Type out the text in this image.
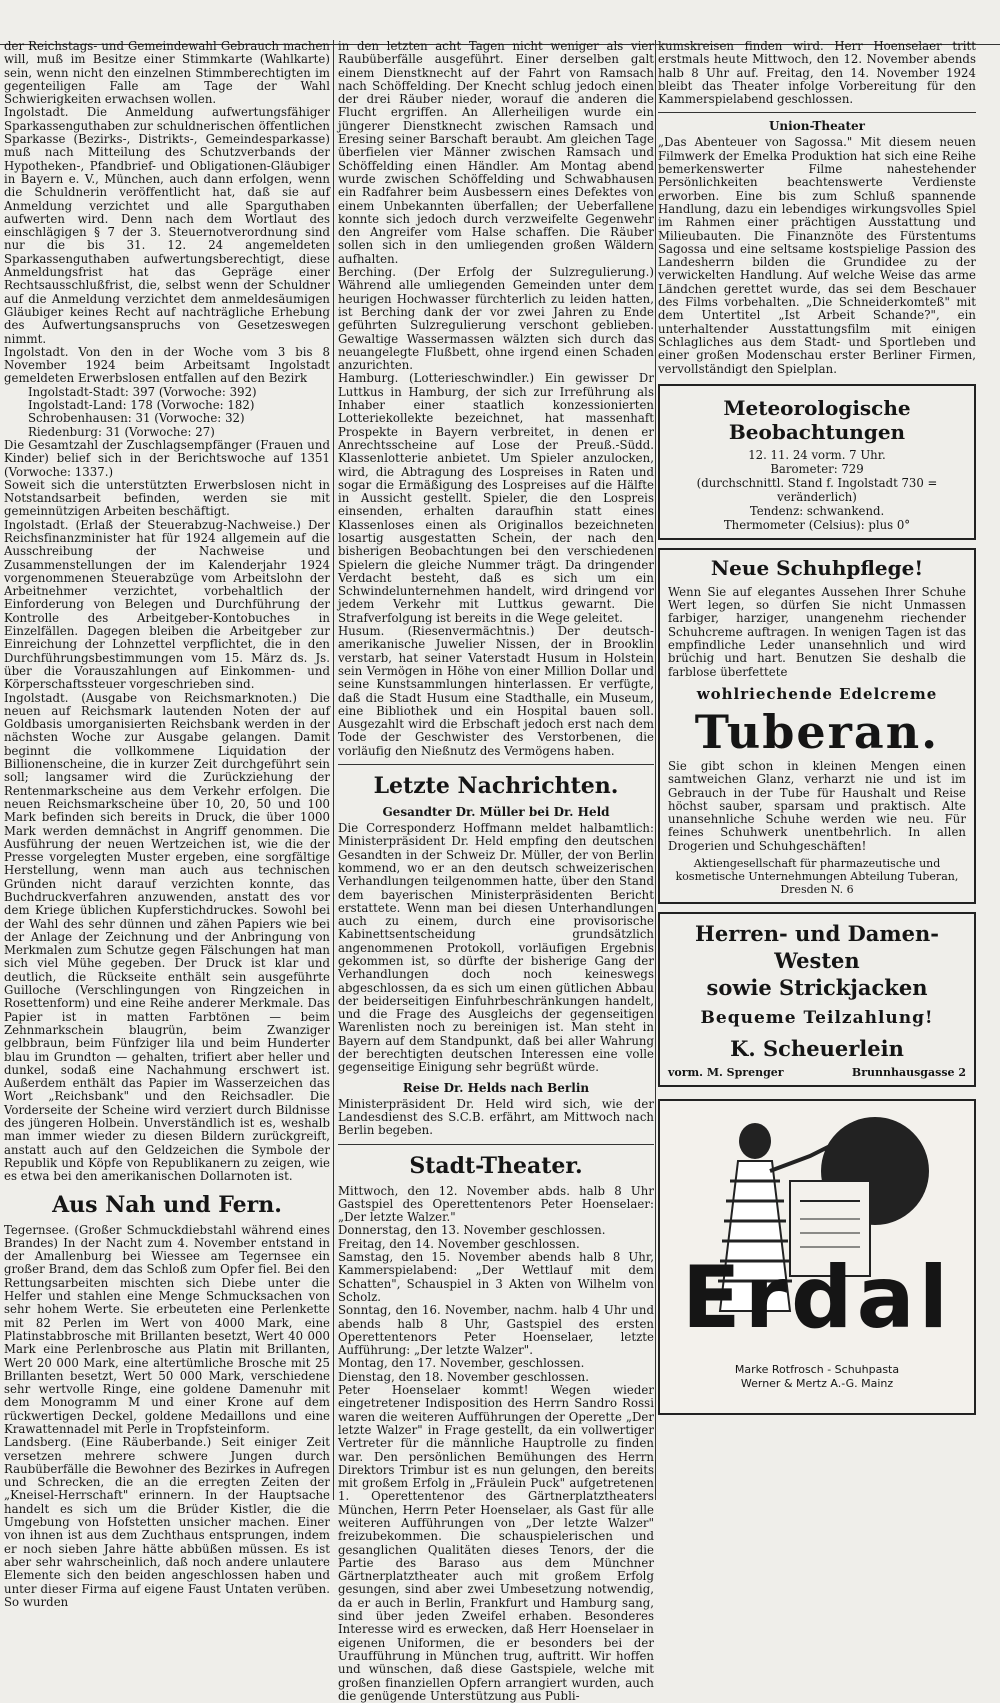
der Reichstags- und Gemeindewahl Gebrauch machen will, muß im Besitze einer Stimmkarte (Wahlkarte) sein, wenn nicht den einzelnen Stimmberechtigten im gegenteiligen Falle am Tage der Wahl Schwierigkeiten erwachsen wollen.

Ingolstadt. Die Anmeldung aufwertungsfähiger Sparkassenguthaben zur schuldnerischen öffentlichen Sparkasse (Bezirks-, Distrikts-, Gemeindesparkasse) muß nach Mitteilung des Schutzverbands der Hypotheken-, Pfandbrief- und Obligationen-Gläubiger in Bayern e. V., München, auch dann erfolgen, wenn die Schuldnerin veröffentlicht hat, daß sie auf Anmeldung verzichtet und alle Sparguthaben aufwerten wird. Denn nach dem Wortlaut des einschlägigen § 7 der 3. Steuernotverordnung sind nur die bis 31. 12. 24 angemeldeten Sparkassenguthaben aufwertungsberechtigt, diese Anmeldungsfrist hat das Gepräge einer Rechtsausschlußfrist, die, selbst wenn der Schuldner auf die Anmeldung verzichtet dem anmeldesäumigen Gläubiger keines Recht auf nachträgliche Erhebung des Aufwertungsanspruchs von Gesetzeswegen nimmt.

Ingolstadt. Von den in der Woche vom 3 bis 8 November 1924 beim Arbeitsamt Ingolstadt gemeldeten Erwerbslosen entfallen auf den Bezirk

Ingolstadt-Stadt: 397 (Vorwoche: 392)

Ingolstadt-Land: 178 (Vorwoche: 182)

Schrobenhausen: 31 (Vorwoche: 32)

Riedenburg: 31 (Vorwoche: 27)

Die Gesamtzahl der Zuschlagsempfänger (Frauen und Kinder) belief sich in der Berichtswoche auf 1351 (Vorwoche: 1337.)

Soweit sich die unterstützten Erwerbslosen nicht in Notstandsarbeit befinden, werden sie mit gemeinnützigen Arbeiten beschäftigt.

Ingolstadt. (Erlaß der Steuerabzug-Nachweise.) Der Reichsfinanzminister hat für 1924 allgemein auf die Ausschreibung der Nachweise und Zusammenstellungen der im Kalenderjahr 1924 vorgenommenen Steuerabzüge vom Arbeitslohn der Arbeitnehmer verzichtet, vorbehaltlich der Einforderung von Belegen und Durchführung der Kontrolle des Arbeitgeber-Kontobuches in Einzelfällen. Dagegen bleiben die Arbeitgeber zur Einreichung der Lohnzettel verpflichtet, die in den Durchführungsbestimmungen vom 15. März ds. Js. über die Vorauszahlungen auf Einkommen- und Körperschaftssteuer vorgeschrieben sind.

Ingolstadt. (Ausgabe von Reichsmarknoten.) Die neuen auf Reichsmark lautenden Noten der auf Goldbasis umorganisierten Reichsbank werden in der nächsten Woche zur Ausgabe gelangen. Damit beginnt die vollkommene Liquidation der Billionenscheine, die in kurzer Zeit durchgeführt sein soll; langsamer wird die Zurückziehung der Rentenmarkscheine aus dem Verkehr erfolgen. Die neuen Reichsmarkscheine über 10, 20, 50 und 100 Mark befinden sich bereits in Druck, die über 1000 Mark werden demnächst in Angriff genommen. Die Ausführung der neuen Wertzeichen ist, wie die der Presse vorgelegten Muster ergeben, eine sorgfältige Herstellung, wenn man auch aus technischen Gründen nicht darauf verzichten konnte, das Buchdruckverfahren anzuwenden, anstatt des vor dem Kriege üblichen Kupferstichdruckes. Sowohl bei der Wahl des sehr dünnen und zähen Papiers wie bei der Anlage der Zeichnung und der Anbringung von Merkmalen zum Schutze gegen Fälschungen hat man sich viel Mühe gegeben. Der Druck ist klar und deutlich, die Rückseite enthält sein ausgeführte Guilloche (Verschlingungen von Ringzeichen in Rosettenform) und eine Reihe anderer Merkmale. Das Papier ist in matten Farbtönen — beim Zehnmarkschein blaugrün, beim Zwanziger gelbbraun, beim Fünfziger lila und beim Hunderter blau im Grundton — gehalten, trifiert aber heller und dunkel, sodaß eine Nachahmung erschwert ist. Außerdem enthält das Papier im Wasserzeichen das Wort „Reichsbank" und den Reichsadler. Die Vorderseite der Scheine wird verziert durch Bildnisse des jüngeren Holbein. Unverständlich ist es, weshalb man immer wieder zu diesen Bildern zurückgreift, anstatt auch auf den Geldzeichen die Symbole der Republik und Köpfe von Republikanern zu zeigen, wie es etwa bei den amerikanischen Dollarnoten ist.

Aus Nah und Fern.

Tegernsee. (Großer Schmuckdiebstahl während eines Brandes) In der Nacht zum 4. November entstand in der Amallenburg bei Wiessee am Tegernsee ein großer Brand, dem das Schloß zum Opfer fiel. Bei den Rettungsarbeiten mischten sich Diebe unter die Helfer und stahlen eine Menge Schmucksachen von sehr hohem Werte. Sie erbeuteten eine Perlenkette mit 82 Perlen im Wert von 4000 Mark, eine Platinstabbrosche mit Brillanten besetzt, Wert 40 000 Mark eine Perlenbrosche aus Platin mit Brillanten, Wert 20 000 Mark, eine altertümliche Brosche mit 25 Brillanten besetzt, Wert 50 000 Mark, verschiedene sehr wertvolle Ringe, eine goldene Damenuhr mit dem Monogramm M und einer Krone auf dem rückwertigen Deckel, goldene Medaillons und eine Krawattennadel mit Perle in Tropfsteinform.

Landsberg. (Eine Räuberbande.) Seit einiger Zeit versetzen mehrere schwere Jungen durch Raubüberfälle die Bewohner des Bezirkes in Aufregen und Schrecken, die an die erregten Zeiten der „Kneisel-Herrschaft" erinnern. In der Hauptsache handelt es sich um die Brüder Kistler, die die Umgebung von Hofstetten unsicher machen. Einer von ihnen ist aus dem Zuchthaus entsprungen, indem er noch sieben Jahre hätte abbüßen müssen. Es ist aber sehr wahrscheinlich, daß noch andere unlautere Elemente sich den beiden angeschlossen haben und unter dieser Firma auf eigene Faust Untaten verüben. So wurden

in den letzten acht Tagen nicht weniger als vier Raubüberfälle ausgeführt. Einer derselben galt einem Dienstknecht auf der Fahrt von Ramsach nach Schöffelding. Der Knecht schlug jedoch einen der drei Räuber nieder, worauf die anderen die Flucht ergriffen. An Allerheiligen wurde ein jüngerer Dienstknecht zwischen Ramsach und Eresing seiner Barschaft beraubt. Am gleichen Tage überfielen vier Männer zwischen Ramsach und Schöffelding einen Händler. Am Montag abend wurde zwischen Schöffelding und Schwabhausen ein Radfahrer beim Ausbessern eines Defektes von einem Unbekannten überfallen; der Ueberfallene konnte sich jedoch durch verzweifelte Gegenwehr den Angreifer vom Halse schaffen. Die Räuber sollen sich in den umliegenden großen Wäldern aufhalten.

Berching. (Der Erfolg der Sulzregulierung.) Während alle umliegenden Gemeinden unter dem heurigen Hochwasser fürchterlich zu leiden hatten, ist Berching dank der vor zwei Jahren zu Ende geführten Sulzregulierung verschont geblieben. Gewaltige Wassermassen wälzten sich durch das neuangelegte Flußbett, ohne irgend einen Schaden anzurichten.

Hamburg. (Lotterieschwindler.) Ein gewisser Dr Luttkus in Hamburg, der sich zur Irreführung als Inhaber einer staatlich konzessionierten Lotteriekollekte bezeichnet, hat massenhaft Prospekte in Bayern verbreitet, in denen er Anrechtsscheine auf Lose der Preuß.-Südd. Klassenlotterie anbietet. Um Spieler anzulocken, wird, die Abtragung des Lospreises in Raten und sogar die Ermäßigung des Lospreises auf die Hälfte in Aussicht gestellt. Spieler, die den Lospreis einsenden, erhalten daraufhin statt eines Klassenloses einen als Originallos bezeichneten losartig ausgestatten Schein, der nach den bisherigen Beobachtungen bei den verschiedenen Spielern die gleiche Nummer trägt. Da dringender Verdacht besteht, daß es sich um ein Schwindelunternehmen handelt, wird dringend vor jedem Verkehr mit Luttkus gewarnt. Die Strafverfolgung ist bereits in die Wege geleitet.

Husum. (Riesenvermächtnis.) Der deutsch-amerikanische Juwelier Nissen, der in Brooklin verstarb, hat seiner Vaterstadt Husum in Holstein sein Vermögen in Höhe von einer Million Dollar und seine Kunstsammlungen hinterlassen. Er verfügte, daß die Stadt Husum eine Stadthalle, ein Museum, eine Bibliothek und ein Hospital bauen soll. Ausgezahlt wird die Erbschaft jedoch erst nach dem Tode der Geschwister des Verstorbenen, die vorläufig den Nießnutz des Vermögens haben.

Letzte Nachrichten.
Gesandter Dr. Müller bei Dr. Held

Die Corresponderz Hoffmann meldet halbamtlich: Ministerpräsident Dr. Held empfing den deutschen Gesandten in der Schweiz Dr. Müller, der von Berlin kommend, wo er an den deutsch schweizerischen Verhandlungen teilgenommen hatte, über den Stand dem bayerischen Ministerpräsidenten Bericht erstattete. Wenn man bei diesen Unterhandlungen auch zu einem, durch eine provisorische Kabinettsentscheidung grundsätzlich angenommenen Protokoll, vorläufigen Ergebnis gekommen ist, so dürfte der bisherige Gang der Verhandlungen doch noch keineswegs abgeschlossen, da es sich um einen gütlichen Abbau der beiderseitigen Einfuhrbeschränkungen handelt, und die Frage des Ausgleichs der gegenseitigen Warenlisten noch zu bereinigen ist. Man steht in Bayern auf dem Standpunkt, daß bei aller Wahrung der berechtigten deutschen Interessen eine volle gegenseitige Einigung sehr begrüßt würde.

Reise Dr. Helds nach Berlin

Ministerpräsident Dr. Held wird sich, wie der Landesdienst des S.C.B. erfährt, am Mittwoch nach Berlin begeben.

Stadt-Theater.

Mittwoch, den 12. November abds. halb 8 Uhr Gastspiel des Operettentenors Peter Hoenselaer: „Der letzte Walzer."

Donnerstag, den 13. November geschlossen.

Freitag, den 14. November geschlossen.

Samstag, den 15. November abends halb 8 Uhr, Kammerspielabend: „Der Wettlauf mit dem Schatten", Schauspiel in 3 Akten von Wilhelm von Scholz.

Sonntag, den 16. November, nachm. halb 4 Uhr und abends halb 8 Uhr, Gastspiel des ersten Operettentenors Peter Hoenselaer, letzte Aufführung: „Der letzte Walzer".

Montag, den 17. November, geschlossen.

Dienstag, den 18. November geschlossen.

Peter Hoenselaer kommt! Wegen wieder eingetretener Indisposition des Herrn Sandro Rossi waren die weiteren Aufführungen der Operette „Der letzte Walzer" in Frage gestellt, da ein vollwertiger Vertreter für die männliche Hauptrolle zu finden war. Den persönlichen Bemühungen des Herrn Direktors Trimbur ist es nun gelungen, den bereits mit großem Erfolg in „Fräulein Puck" aufgetretenen 1. Operettentenor des Gärtnerplatztheaters München, Herrn Peter Hoenselaer, als Gast für alle weiteren Aufführungen von „Der letzte Walzer" freizubekommen. Die schauspielerischen und gesanglichen Qualitäten dieses Tenors, der die Partie des Baraso aus dem Münchner Gärtnerplatztheater auch mit großem Erfolg gesungen, sind aber zwei Umbesetzung notwendig, da er auch in Berlin, Frankfurt und Hamburg sang, sind über jeden Zweifel erhaben. Besonderes Interesse wird es erwecken, daß Herr Hoenselaer in eigenen Uniformen, die er besonders bei der Uraufführung in München trug, auftritt. Wir hoffen und wünschen, daß diese Gastspiele, welche mit großen finanziellen Opfern arrangiert wurden, auch die genügende Unterstützung aus Publi-

kumskreisen finden wird. Herr Hoenselaer tritt erstmals heute Mittwoch, den 12. November abends halb 8 Uhr auf. Freitag, den 14. November 1924 bleibt das Theater infolge Vorbereitung für den Kammerspielabend geschlossen.

Union-Theater

„Das Abenteuer von Sagossa." Mit diesem neuen Filmwerk der Emelka Produktion hat sich eine Reihe bemerkenswerter Filme nahestehender Persönlichkeiten beachtenswerte Verdienste erworben. Eine bis zum Schluß spannende Handlung, dazu ein lebendiges wirkungsvolles Spiel im Rahmen einer prächtigen Ausstattung und Milieubauten. Die Finanznöte des Fürstentums Sagossa und eine seltsame kostspielige Passion des Landesherrn bilden die Grundidee zu der verwickelten Handlung. Auf welche Weise das arme Ländchen gerettet wurde, das sei dem Beschauer des Films vorbehalten. „Die Schneiderkomteß" mit dem Untertitel „Ist Arbeit Schande?", ein unterhaltender Ausstattungsfilm mit einigen Schlagliches aus dem Stadt- und Sportleben und einer großen Modenschau erster Berliner Firmen, vervollständigt den Spielplan.

Meteorologische Beobachtungen

12. 11. 24 vorm. 7 Uhr.

Barometer: 729

(durchschnittl. Stand f. Ingolstadt 730 = veränderlich)

Tendenz: schwankend.

Thermometer (Celsius): plus 0°

Neue Schuhpflege!

Wenn Sie auf elegantes Aussehen Ihrer Schuhe Wert legen, so dürfen Sie nicht Unmassen farbiger, harziger, unangenehm riechender Schuhcreme auftragen. In wenigen Tagen ist das empfindliche Leder unansehnlich und wird brüchig und hart. Benutzen Sie deshalb die farblose überfettete

wohlriechende Edelcreme
Tuberan.

Sie gibt schon in kleinen Mengen einen samtweichen Glanz, verharzt nie und ist im Gebrauch in der Tube für Haushalt und Reise höchst sauber, sparsam und praktisch. Alte unansehnliche Schuhe werden wie neu. Für feines Schuhwerk unentbehrlich. In allen Drogerien und Schuhgeschäften!

Aktiengesellschaft für pharmazeutische und kosmetische Unternehmungen Abteilung Tuberan, Dresden N. 6

Herren- und Damen-Westen
sowie Strickjacken
Bequeme Teilzahlung!
K. Scheuerlein
vorm. M. Sprenger	Brunnhausgasse 2
Erdal
Marke Rotfrosch - Schuhpasta
Werner & Mertz A.-G. Mainz
